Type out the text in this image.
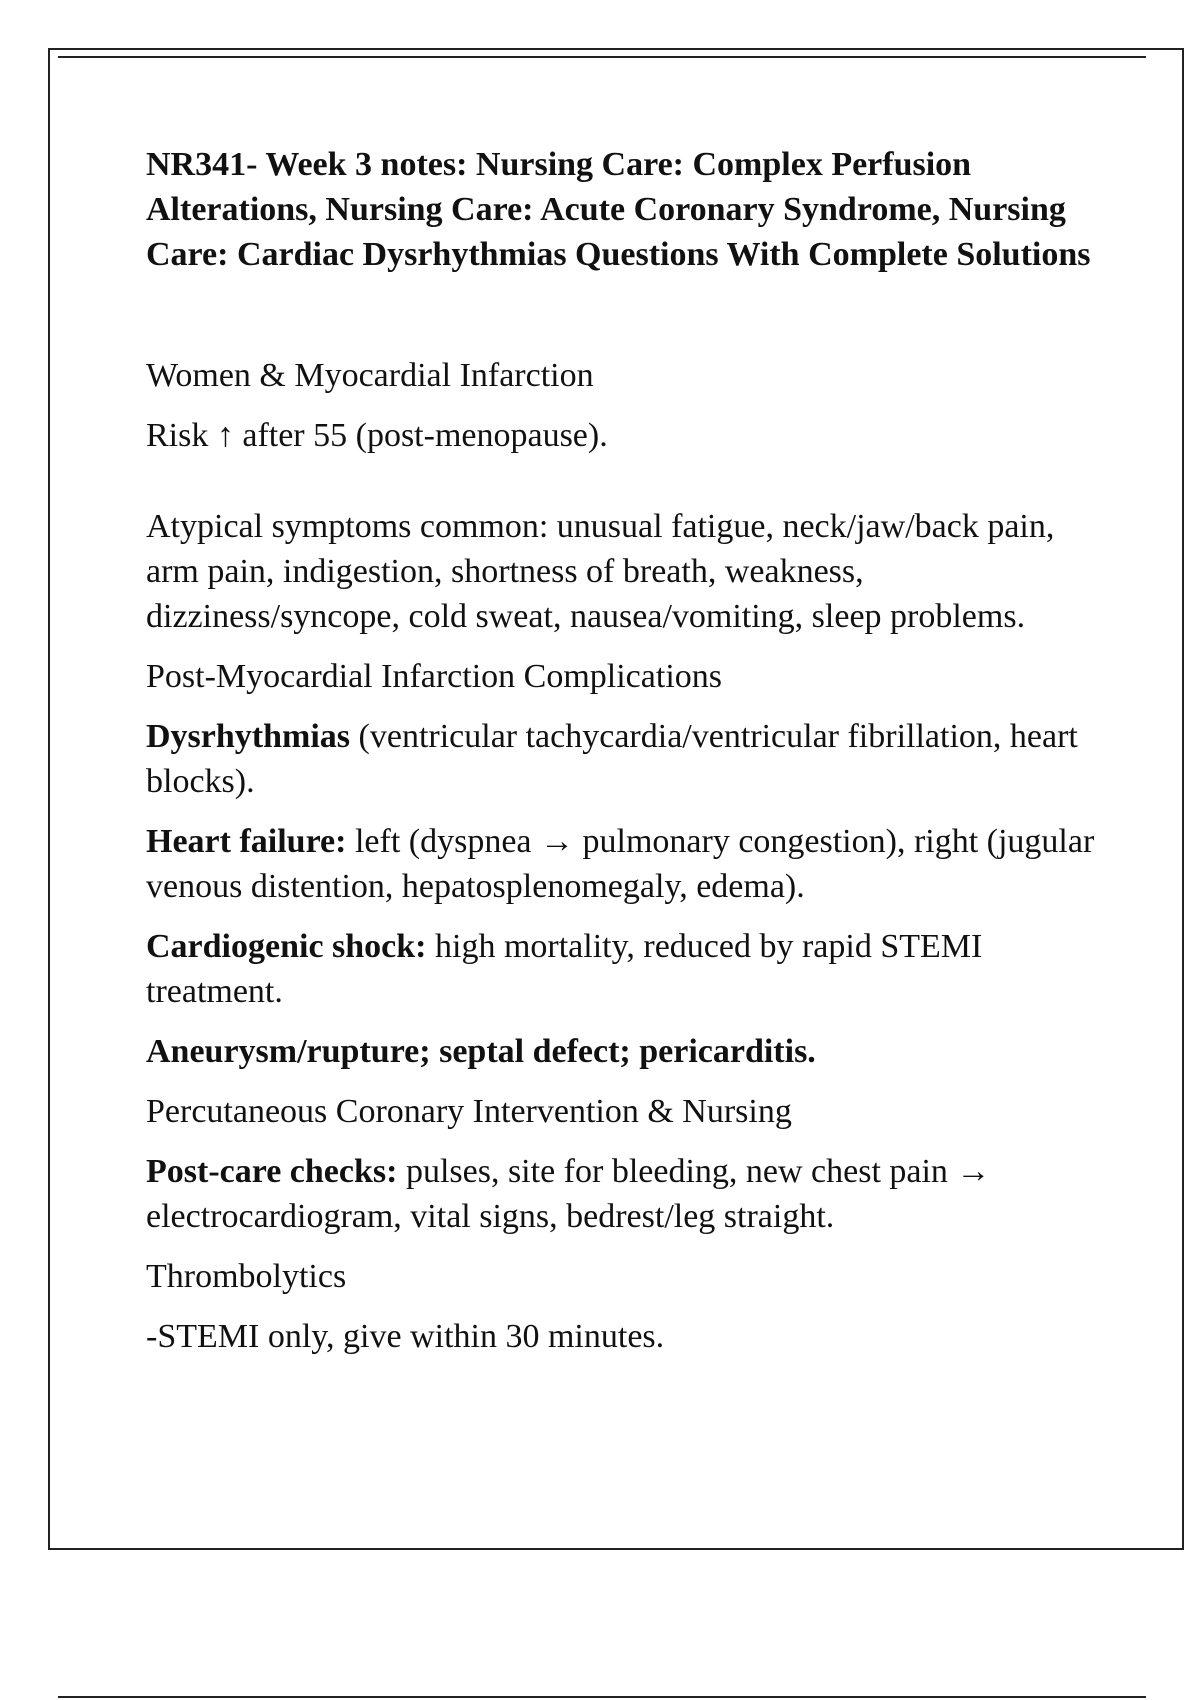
NR341- Week 3 notes: Nursing Care: Complex Perfusion Alterations, Nursing Care: Acute Coronary Syndrome, Nursing Care: Cardiac Dysrhythmias Questions With Complete Solutions

Women & Myocardial Infarction

Risk ↑ after 55 (post-menopause).

Atypical symptoms common: unusual fatigue, neck/jaw/back pain, arm pain, indigestion, shortness of breath, weakness, dizziness/syncope, cold sweat, nausea/vomiting, sleep problems.

Post-Myocardial Infarction Complications

Dysrhythmias (ventricular tachycardia/ventricular fibrillation, heart blocks).

Heart failure: left (dyspnea → pulmonary congestion), right (jugular venous distention, hepatosplenomegaly, edema).

Cardiogenic shock: high mortality, reduced by rapid STEMI treatment.

Aneurysm/rupture; septal defect; pericarditis.

Percutaneous Coronary Intervention & Nursing

Post-care checks: pulses, site for bleeding, new chest pain → electrocardiogram, vital signs, bedrest/leg straight.

Thrombolytics

-STEMI only, give within 30 minutes.
